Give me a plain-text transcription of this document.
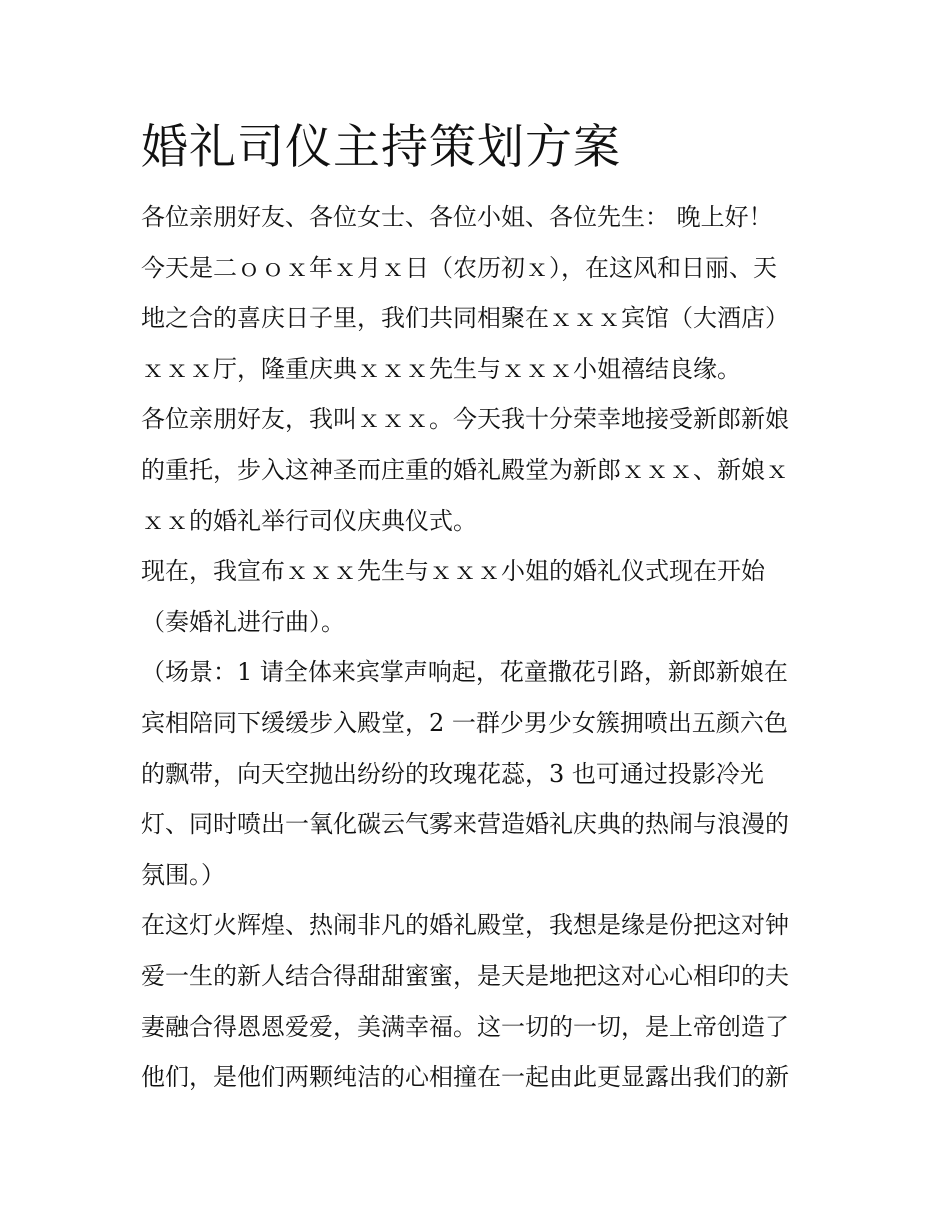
婚礼司仪主持策划方案

各位亲朋好友、各位女士、各位小姐、各位先生： 晚上好！

今天是二ｏｏｘ年ｘ月ｘ日（农历初ｘ），在这风和日丽、天

地之合的喜庆日子里，我们共同相聚在ｘｘｘ宾馆（大酒店）

ｘｘｘ厅，隆重庆典ｘｘｘ先生与ｘｘｘ小姐禧结良缘。

各位亲朋好友，我叫ｘｘｘ。今天我十分荣幸地接受新郎新娘

的重托，步入这神圣而庄重的婚礼殿堂为新郎ｘｘｘ、新娘ｘ

ｘｘ的婚礼举行司仪庆典仪式。

现在，我宣布ｘｘｘ先生与ｘｘｘ小姐的婚礼仪式现在开始

（奏婚礼进行曲）。

（场景：1 请全体来宾掌声响起，花童撒花引路，新郎新娘在

宾相陪同下缓缓步入殿堂，2 一群少男少女簇拥喷出五颜六色

的飘带，向天空抛出纷纷的玫瑰花蕊，3 也可通过投影冷光

灯、同时喷出一氧化碳云气雾来营造婚礼庆典的热闹与浪漫的

氛围。）

在这灯火辉煌、热闹非凡的婚礼殿堂，我想是缘是份把这对钟

爱一生的新人结合得甜甜蜜蜜，是天是地把这对心心相印的夫

妻融合得恩恩爱爱，美满幸福。这一切的一切，是上帝创造了

他们，是他们两颗纯洁的心相撞在一起由此更显露出我们的新
